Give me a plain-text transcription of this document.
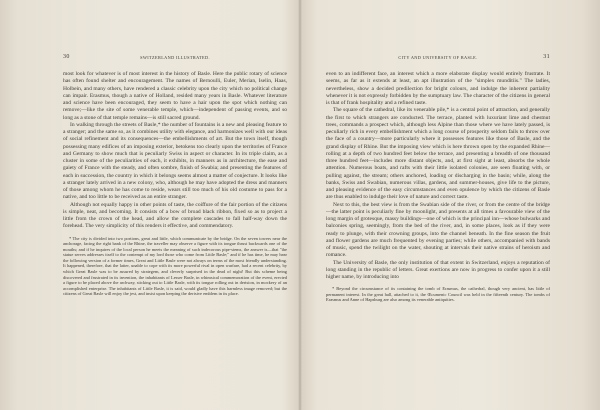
30	SWITZERLAND ILLUSTRATED.

most look for whatever is of most interest in the history of Basle. Here the public rotary of science has often found shelter and encouragement. The names of Bernoulli, Euler, Merian, Iselin, Haas, Holbein, and many others, have rendered a classic celebrity upon the city which no political change can impair. Erasmus, though a native of Holland, resided many years in Basle. Whatever literature and science have been encouraged, they seem to have a hair upon the spot which nothing can remove;—like the site of some venerable temple, which—independent of passing events, and so long as a stone of that temple remains—is still sacred ground.

In walking through the streets of Basle,* the number of fountains is a new and pleasing feature to a stranger; and the same so, as it combines utility with elegance, and harmonizes well with our ideas of social refinement and its consequences—the embellishments of art. But the town itself, though possessing many edifices of an imposing exterior, betokens too clearly upon the territories of France and Germany to show much that is peculiarly Swiss in aspect or character. In its triple claim, as a cluster in some of the peculiarities of each, it exhibits, in manners as in architecture, the ease and gaiety of France with the steady, and often sombre, finish of Swabia; and presenting the features of each in succession, the country in which it belongs seems almost a matter of conjecture. It looks like a stranger lately arrived in a new colony, who, although he may have adopted the dress and manners of those among whom he has come to reside, wears still too much of his old costume to pass for a native, and too little to be received as an entire stranger.

Although not equally happy in other points of taste, the coiffure of the fair portion of the citizens is simple, neat, and becoming. It consists of a bow of broad black ribbon, fixed so as to project a little from the crown of the head, and allow the complete cascades to fall half-way down the forehead. The very simplicity of this renders it effective, and commendatory.

* The city is divided into two portions, great and little, which communicate by the bridge. On the seven towers near the anchorage, facing the right bank of the Rhine, the traveller may observe a figure with its tongue thrust backwards one of the mouths; and if he inquires of the local person he meets the meaning of such indecorous pipe-stems, the answer is—that "the statue serves addresses itself to the contempt of my lord those who come from Little Basle;" and if he has time, he may hear the following version of a former times, Great and Little Basle were not always on terms of the most friendly understanding. It happened, therefore, that the latter, unable to cope with its more powerful rival in open warfare, had a recent celebrity, by which Great Basle was to be assured by strategem, and cleverly surprised in the dead of night! But this scheme being discovered and frustrated in its invention, the inhabitants of Lesser Basle, in whimsical commemoration of the event, erected a figure to be placed above the archway, sticking out to Little Basle, with its tongue rolling out in derision, in mockery of an accomplished enterprise. The inhabitants of Little Basle, it is said, would gladly have this harmless image removed; but the citizens of Great Basle will enjoy the jest, and insist upon keeping the derisive emblem in its place.

CITY AND UNIVERSITY OF BASLE.	31

even to an indifferent face, an interest which a more elaborate display would entirely frustrate. It seems, as far as it extends at least, an apt illustration of the "simplex munditiis." The ladies, nevertheless, show a decided predilection for bright colours, and indulge the inherent partiality whenever it is not expressly forbidden by the sumptuary law. The character of the citizens in general is that of frank hospitality and a refined taste.

The square of the cathedral, like its venerable pile,* is a central point of attraction, and generally the first to which strangers are conducted. The terrace, planted with luxuriant lime and chestnut trees, commands a prospect which, although less Alpine than those where we have lately passed, is peculiarly rich in every embellishment which a long course of prosperity seldom fails to throw over the face of a country—more particularly where it possesses features like those of Basle, and the grand display of Rhine. But the imposing view which is here thrown open by the expanded Rhine—rolling at a depth of two hundred feet below the terrace, and presenting a breadth of one thousand three hundred feet—includes more distant objects, and, at first sight at least, absorbs the whole attention. Numerous boats, and rafts with their little isolated colonies, are seen floating with, or pulling against, the stream; others anchored, loading or discharging in the basin; while, along the banks, Swiss and Swabian, numerous villas, gardens, and summer-houses, give life to the picture, and pleasing evidence of the easy circumstances and even opulence by which the citizens of Basle are thus enabled to indulge their love of nature and correct taste.

Next to this, the best view is from the Swabian side of the river, or from the centre of the bridge—the latter point is peculiarly fine by moonlight, and presents at all times a favourable view of the long margin of grotesque, massy buildings—one of which is the principal inn—whose bulwarks and balconies spring, seemingly, from the bed of the river, and, in some places, look as if they were ready to plunge, with their crowning groups, into the channel beneath. In the fine season the fruit and flower gardens are much frequented by evening parties; while others, accompanied with bands of music, spend the twilight on the water, shouting at intervals their native strains of heroism and romance.

The University of Basle, the only institution of that extent in Switzerland, enjoys a reputation of long standing in the republic of letters. Great exertions are now in progress to confer upon it a still higher name, by introducing into

* Beyond the circumstance of its containing the tomb of Erasmus, the cathedral, though very ancient, has little of permanent interest. In the great hall, attached to it, the Œcumenic Council was held in the fifteenth century. The tombs of Erasmus and Anne of Hapsburg are also among its venerable antiquities.
